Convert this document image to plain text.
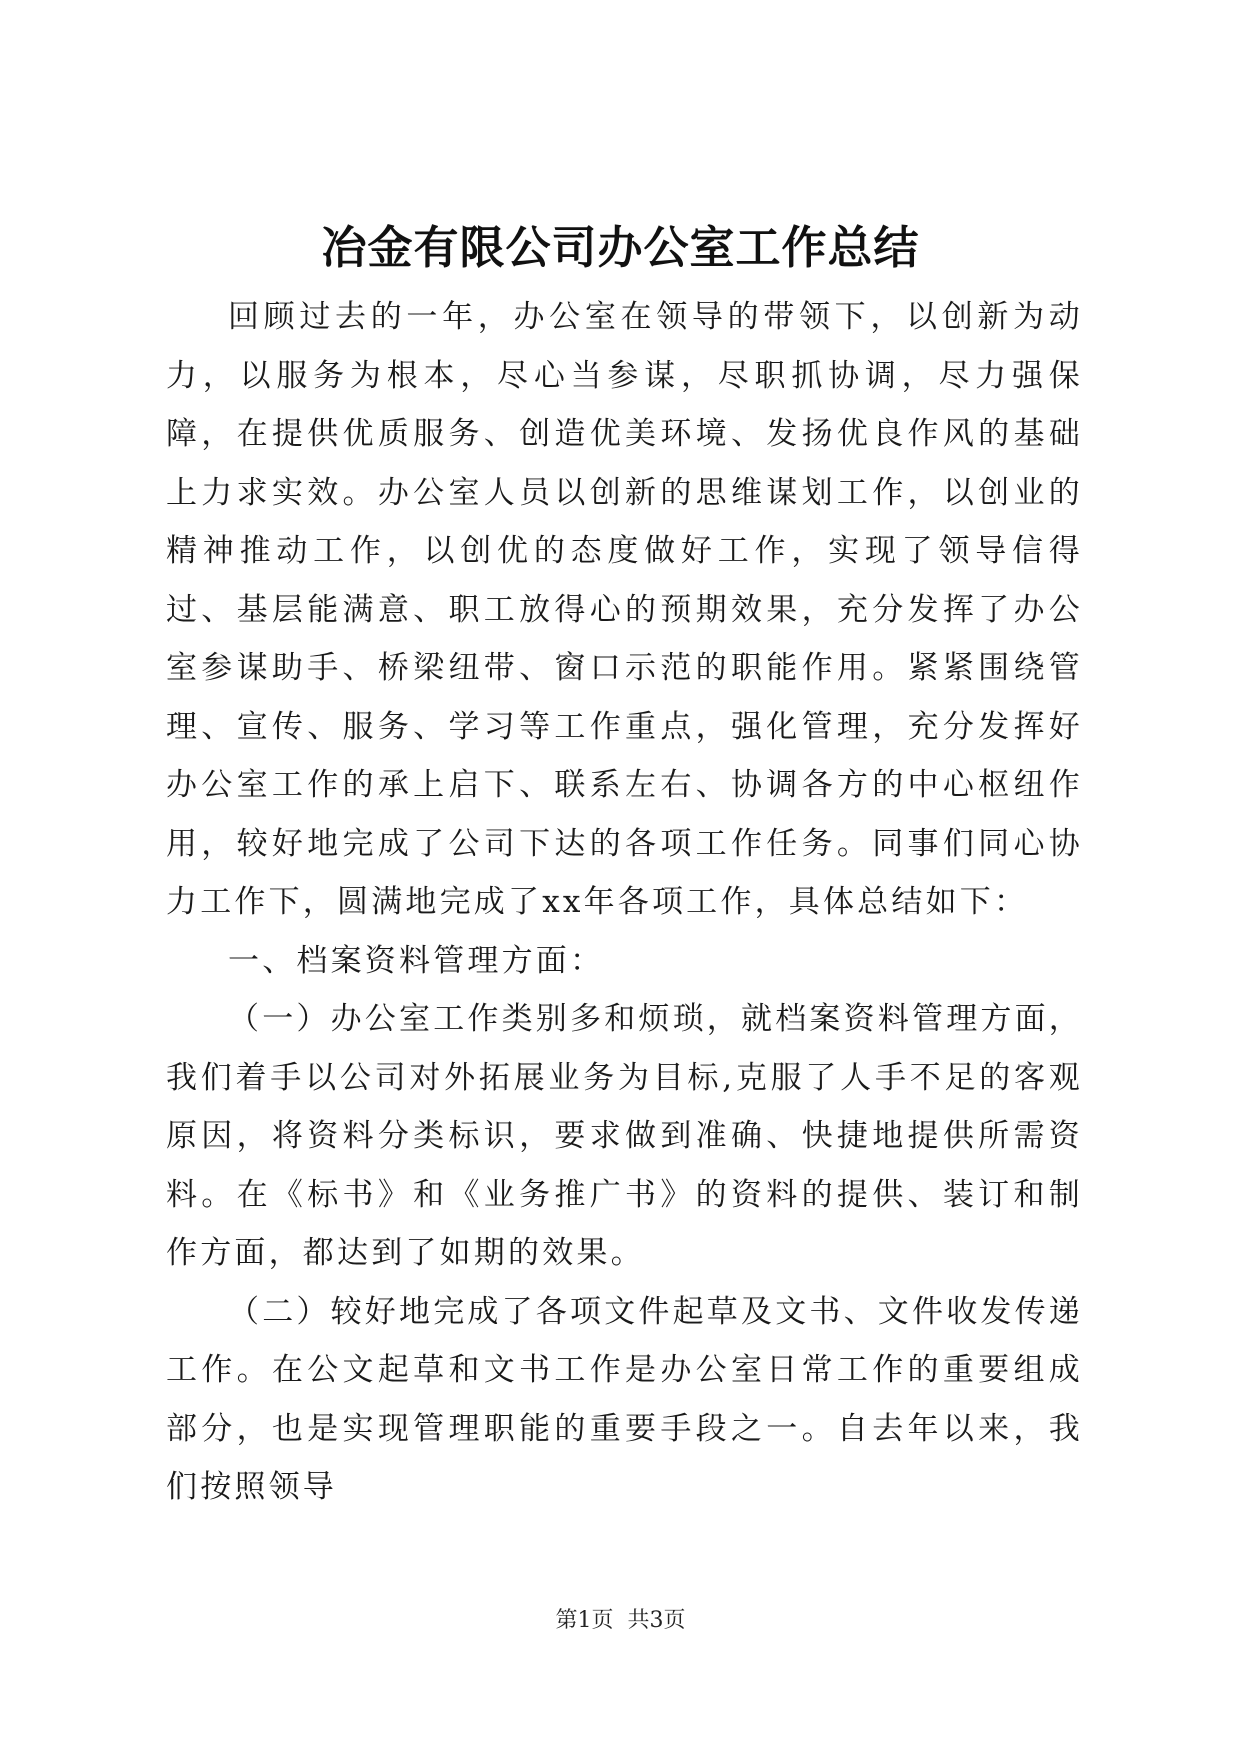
冶金有限公司办公室工作总结

回顾过去的一年，办公室在领导的带领下，以创新为动力，以服务为根本，尽心当参谋，尽职抓协调，尽力强保障，在提供优质服务、创造优美环境、发扬优良作风的基础上力求实效。办公室人员以创新的思维谋划工作，以创业的精神推动工作，以创优的态度做好工作，实现了领导信得过、基层能满意、职工放得心的预期效果，充分发挥了办公室参谋助手、桥梁纽带、窗口示范的职能作用。紧紧围绕管理、宣传、服务、学习等工作重点，强化管理，充分发挥好办公室工作的承上启下、联系左右、协调各方的中心枢纽作用，较好地完成了公司下达的各项工作任务。同事们同心协力工作下，圆满地完成了xx年各项工作，具体总结如下：

一、档案资料管理方面：

（一）办公室工作类别多和烦琐，就档案资料管理方面，我们着手以公司对外拓展业务为目标,克服了人手不足的客观原因，将资料分类标识，要求做到准确、快捷地提供所需资料。在《标书》和《业务推广书》的资料的提供、装订和制作方面，都达到了如期的效果。

（二）较好地完成了各项文件起草及文书、文件收发传递工作。在公文起草和文书工作是办公室日常工作的重要组成部分，也是实现管理职能的重要手段之一。自去年以来，我们按照领导

第1页  共3页
